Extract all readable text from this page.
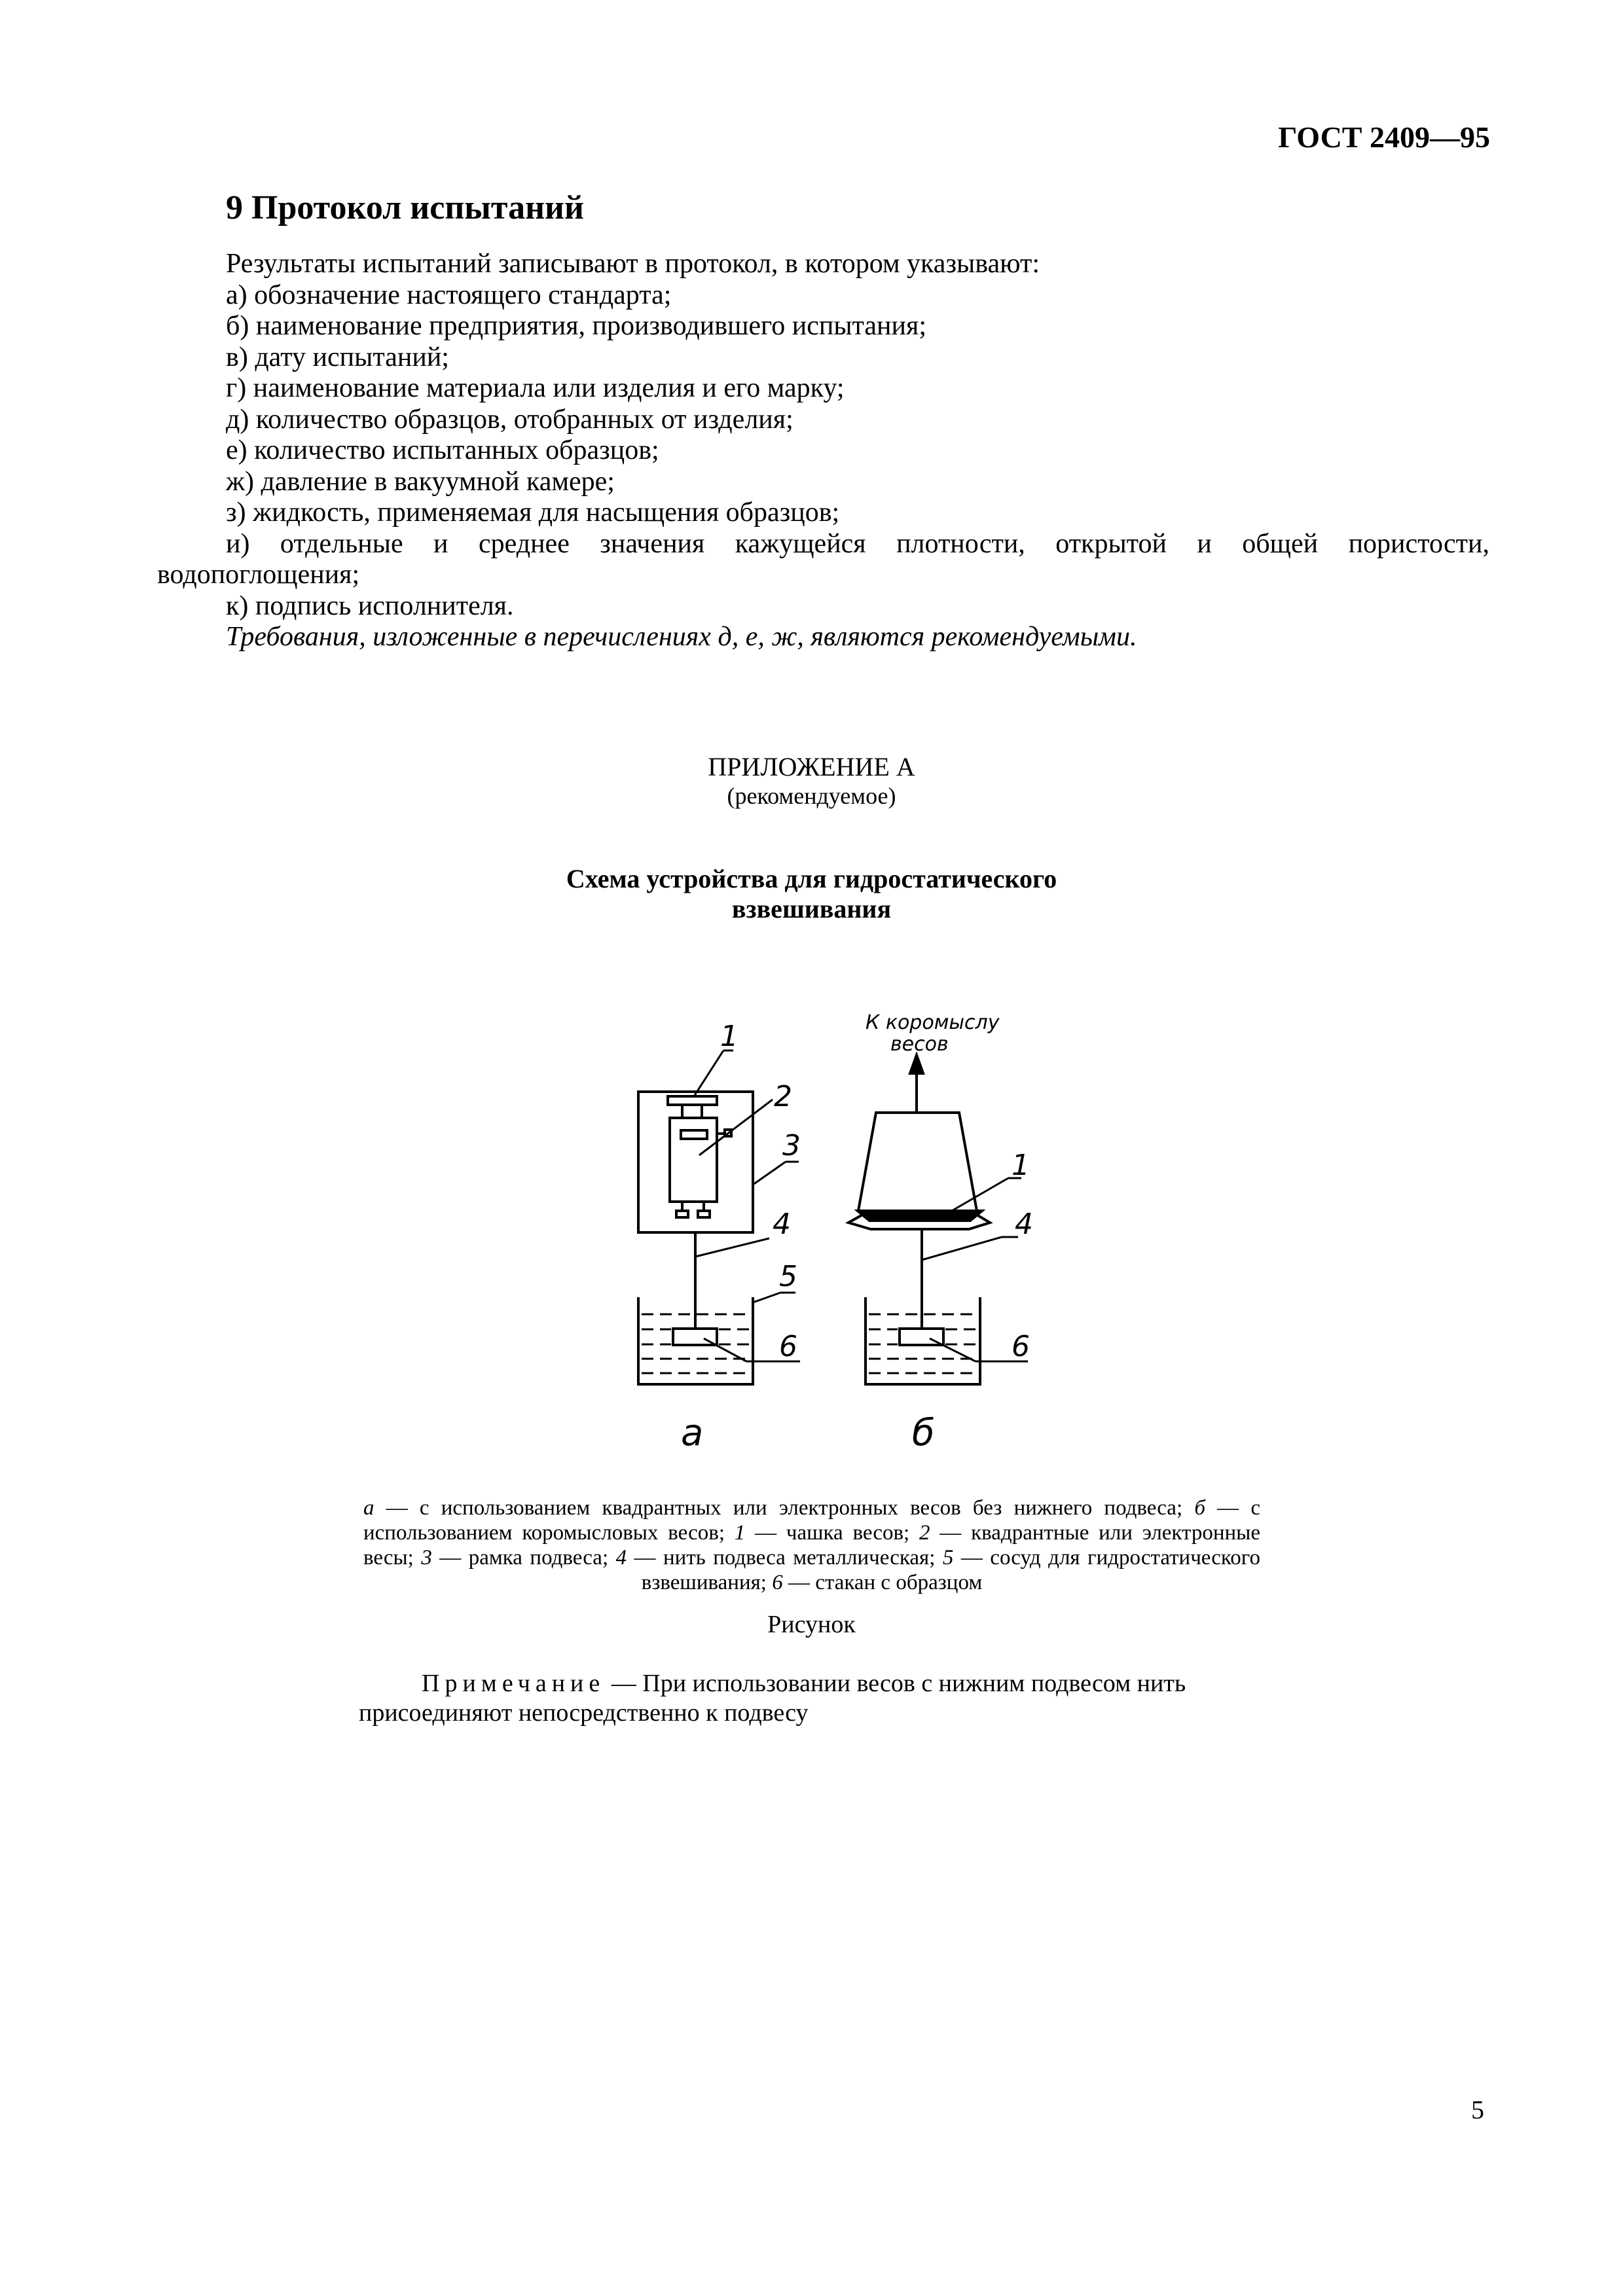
ГОСТ 2409—95
9 Протокол испытаний
Результаты испытаний записывают в протокол, в котором указывают:
а) обозначение настоящего стандарта;
б) наименование предприятия, производившего испытания;
в) дату испытаний;
г) наименование материала или изделия и его марку;
д) количество образцов, отобранных от изделия;
е) количество испытанных образцов;
ж) давление в вакуумной камере;
з) жидкость, применяемая для насыщения образцов;
и) отдельные и среднее значения кажущейся плотности, открытой и общей пористости,
водопоглощения;
к) подпись исполнителя.
Требования, изложенные в перечислениях д, е, ж, являются рекомендуемыми.
ПРИЛОЖЕНИЕ А
(рекомендуемое)
Схема устройства для гидростатического
взвешивания
1
2
3
4
5
6
а
К коромыслу
весов
1
4
6
б
а — с использованием квадрантных или электронных весов без нижнего подвеса; б — с использованием коромысловых весов; 1 — чашка весов; 2 — квадрантные или электронные весы; 3 — рамка подвеса; 4 — нить подвеса металлическая; 5 — сосуд для гидростатического взвешивания; 6 — стакан с образцом
Рисунок
Примечание — При использовании весов с нижним подвесом нить присоединяют непосредственно к подвесу
5
